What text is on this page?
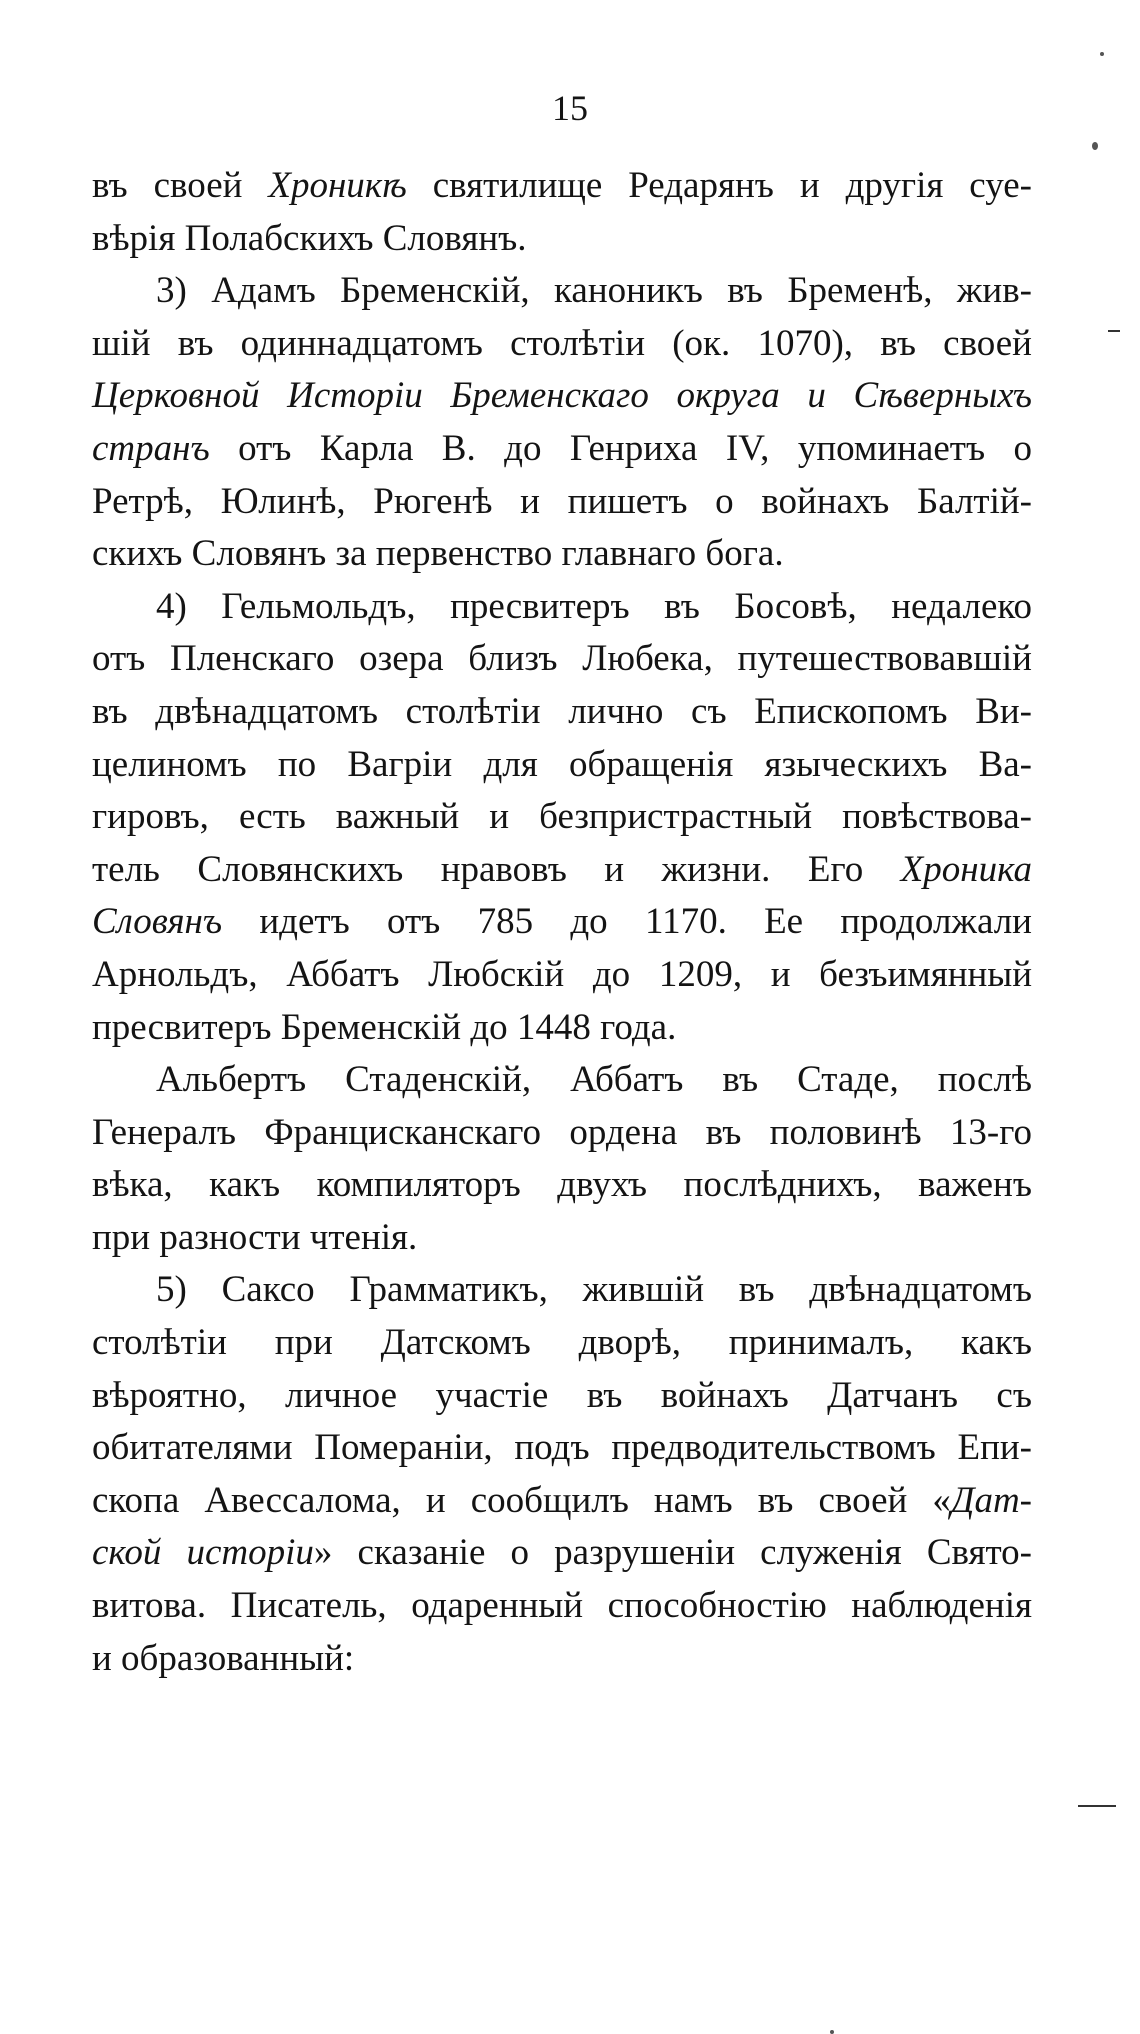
15
въ своей Хроникѣ святилище Редарянъ и другія суе-
вѣрія Полабскихъ Словянъ.
3) Адамъ Бременскій, каноникъ въ Бременѣ, жив-
шій въ одиннадцатомъ столѣтіи (ок. 1070), въ своей
Церковной Исторіи Бременскаго округа и Сѣверныхъ
странъ отъ Карла В. до Генриха IV, упоминаетъ о
Ретрѣ, Юлинѣ, Рюгенѣ и пишетъ о войнахъ Балтій-
скихъ Словянъ за первенство главнаго бога.
4) Гельмольдъ, пресвитеръ въ Босовѣ, недалеко
отъ Пленскаго озера близъ Любека, путешествовавшій
въ двѣнадцатомъ столѣтіи лично съ Епископомъ Ви-
целиномъ по Вагріи для обращенія языческихъ Ва-
гировъ, есть важный и безпристрастный повѣствова-
тель Словянскихъ нравовъ и жизни. Его Хроника
Словянъ идетъ отъ 785 до 1170. Ее продолжали
Арнольдъ, Аббатъ Любскій до 1209, и безъимянный
пресвитеръ Бременскій до 1448 года.
Альбертъ Стаденскій, Аббатъ въ Стаде, послѣ
Генералъ Францисканскаго ордена въ половинѣ 13-го
вѣка, какъ компиляторъ двухъ послѣднихъ, важенъ
при разности чтенія.
5) Саксо Грамматикъ, жившій въ двѣнадцатомъ
столѣтіи при Датскомъ дворѣ, принималъ, какъ
вѣроятно, личное участіе въ войнахъ Датчанъ съ
обитателями Помераніи, подъ предводительствомъ Епи-
скопа Авессалома, и сообщилъ намъ въ своей «Дат-
ской исторіи» сказаніе о разрушеніи служенія Свято-
витова. Писатель, одаренный способностію наблюденія
и образованный:
